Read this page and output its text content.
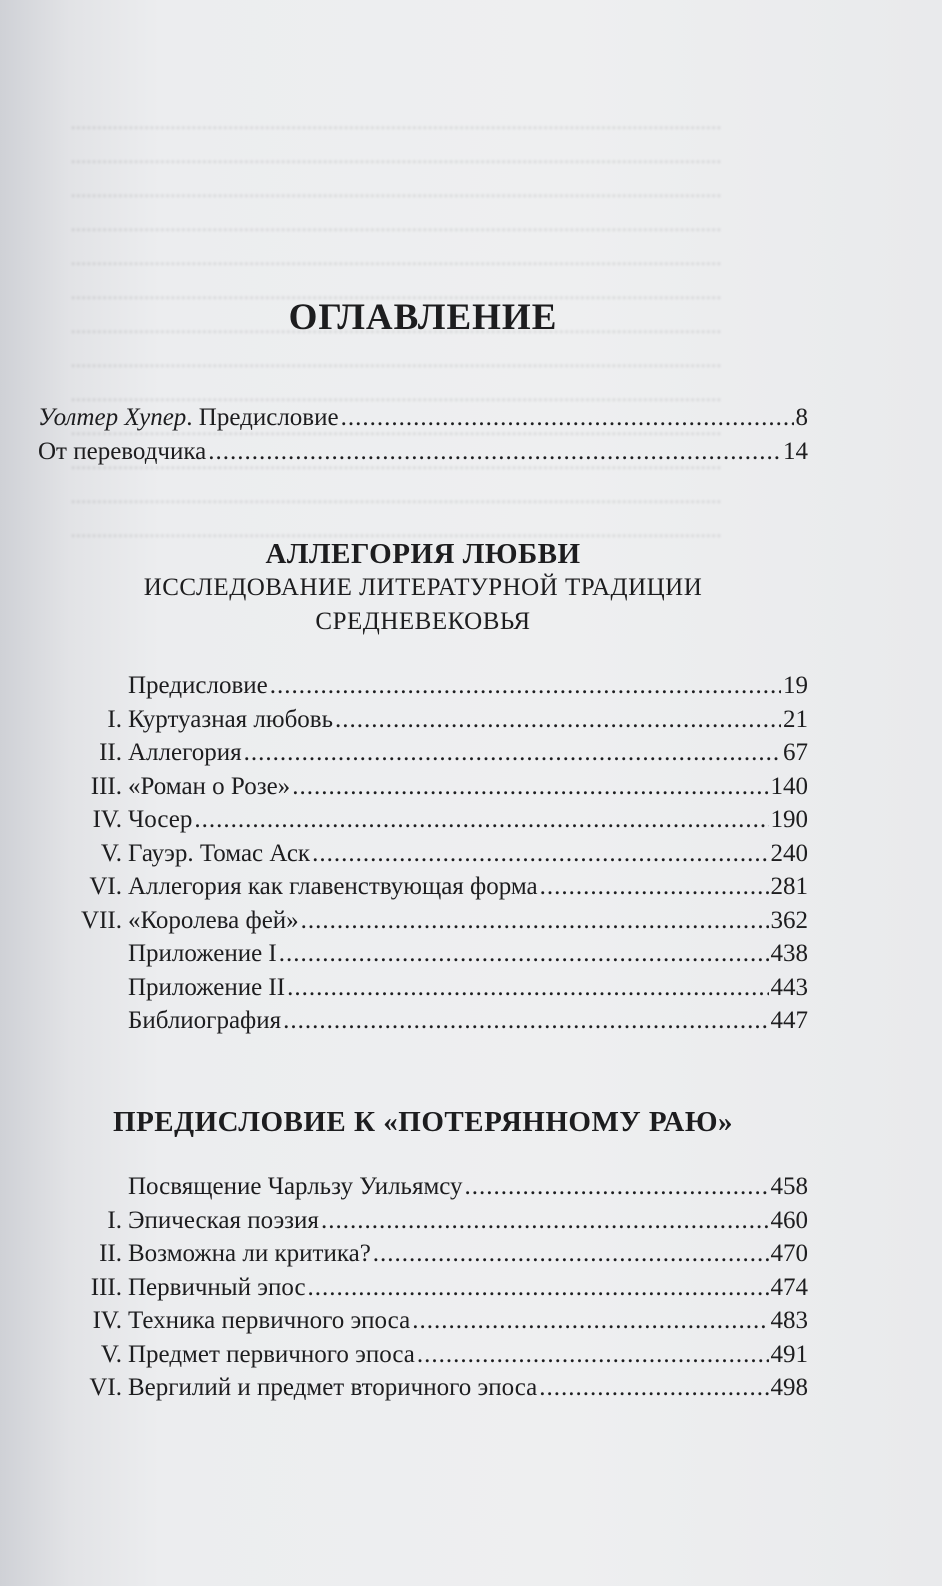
.....

.....

.....

.....

.....

.....

.....

.....

.....

.....

.....

.....

.....

ОГЛАВЛЕНИЕ
Уолтер Хупер. Предисловие .....	8
От переводчика .....	14
АЛЛЕГОРИЯ ЛЮБВИ

ИССЛЕДОВАНИЕ ЛИТЕРАТУРНОЙ ТРАДИЦИИ

СРЕДНЕВЕКОВЬЯ

Предисловие .....	19
I. Куртуазная любовь .....	21
II. Аллегория .....	67
III. «Роман о Розе» .....	140
IV. Чосер .....	190
V. Гауэр. Томас Аск .....	240
VI. Аллегория как главенствующая форма .....	281
VII. «Королева фей» .....	362
Приложение I .....	438
Приложение II .....	443
Библиография .....	447
ПРЕДИСЛОВИЕ К «ПОТЕРЯННОМУ РАЮ»
Посвящение Чарльзу Уильямсу .....	458
I. Эпическая поэзия .....	460
II. Возможна ли критика? .....	470
III. Первичный эпос .....	474
IV. Техника первичного эпоса .....	483
V. Предмет первичного эпоса .....	491
VI. Вергилий и предмет вторичного эпоса .....	498
